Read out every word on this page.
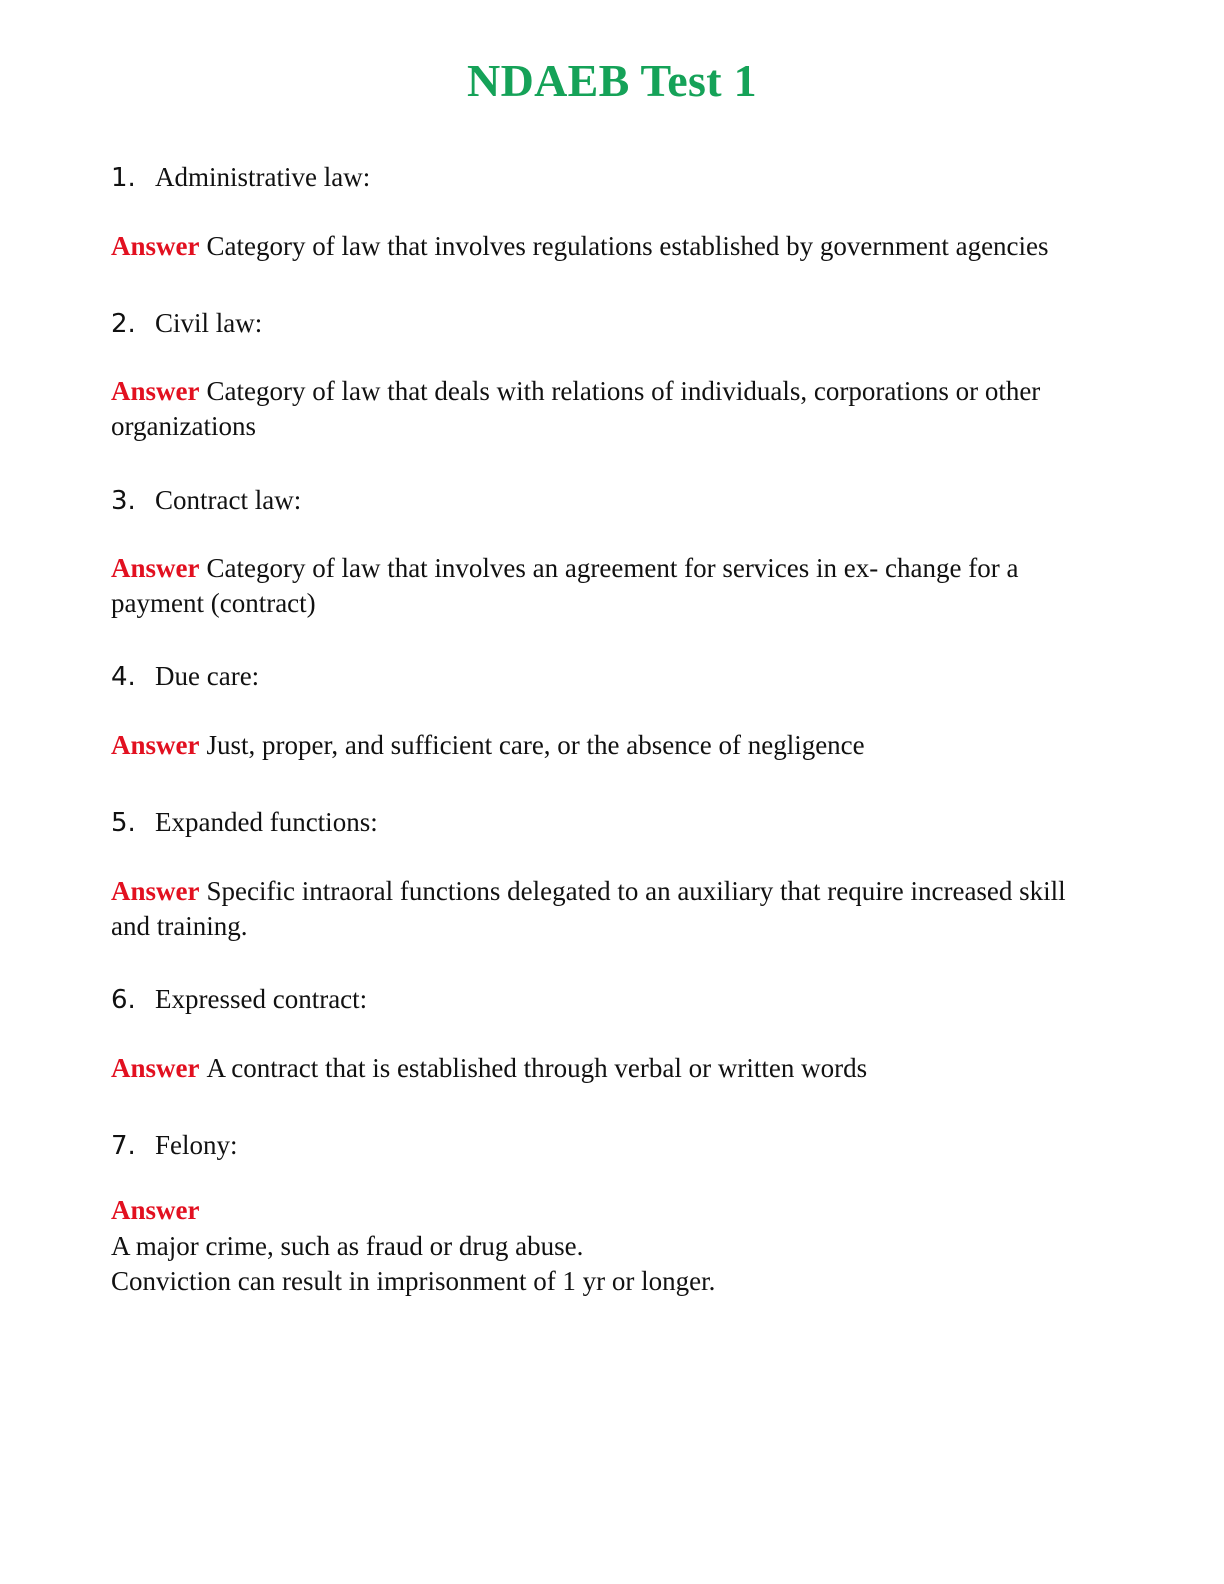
NDAEB Test 1
1. Administrative law:
Answer Category of law that involves regulations established by government agencies
2. Civil law:
Answer Category of law that deals with relations of individuals, corporations or other organizations
3. Contract law:
Answer Category of law that involves an agreement for services in ex- change for a payment (contract)
4. Due care:
Answer Just, proper, and sufficient care, or the absence of negligence
5. Expanded functions:
Answer Specific intraoral functions delegated to an auxiliary that require increased skill and training.
6. Expressed contract:
Answer A contract that is established through verbal or written words
7. Felony:
Answer
A major crime, such as fraud or drug abuse.
Conviction can result in imprisonment of 1 yr or longer.
